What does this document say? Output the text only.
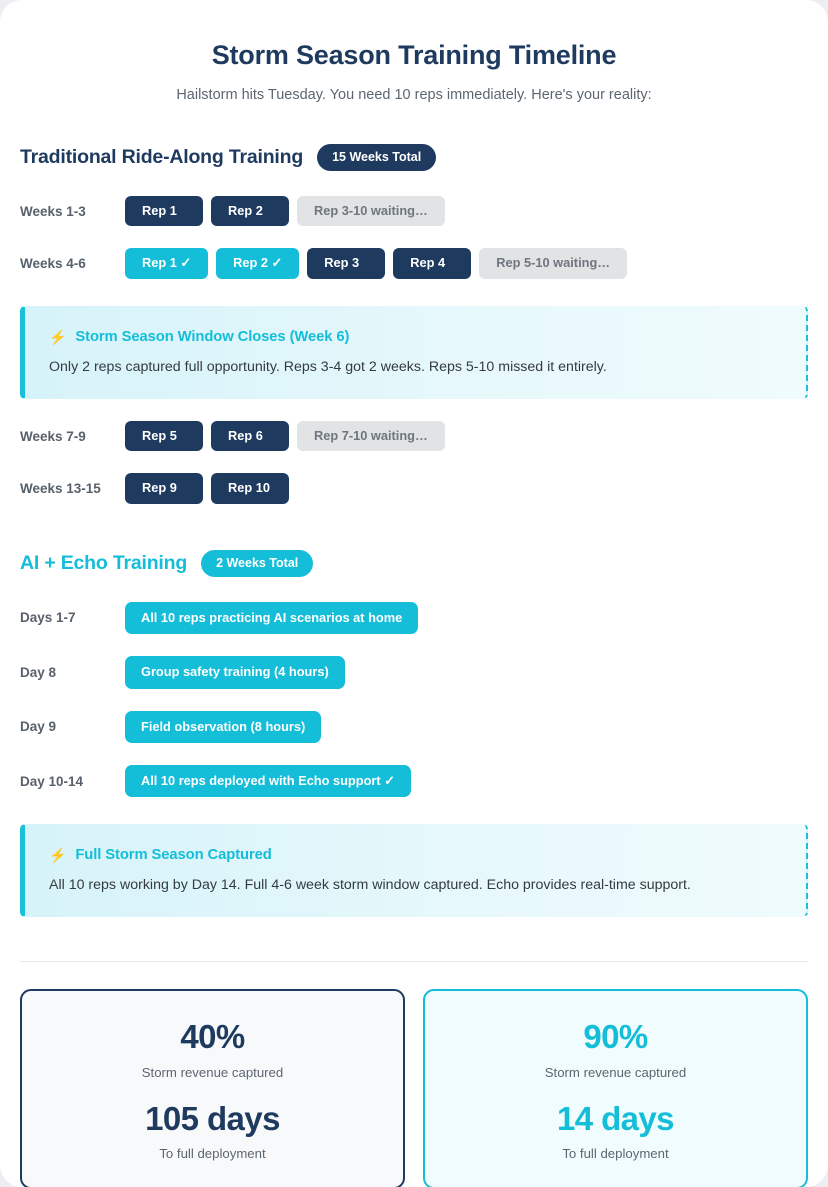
Storm Season Training Timeline
Hailstorm hits Tuesday. You need 10 reps immediately. Here's your reality:
Traditional Ride-Along Training	15 Weeks Total
Weeks 1-3	Rep 1	Rep 2	Rep 3-10 waiting…
Weeks 4-6	Rep 1 ✓	Rep 2 ✓	Rep 3	Rep 4	Rep 5-10 waiting…
⚡ Storm Season Window Closes (Week 6)
Only 2 reps captured full opportunity. Reps 3-4 got 2 weeks. Reps 5-10 missed it entirely.
Weeks 7-9	Rep 5	Rep 6	Rep 7-10 waiting…
Weeks 13-15	Rep 9	Rep 10
AI + Echo Training	2 Weeks Total
Days 1-7	All 10 reps practicing AI scenarios at home
Day 8	Group safety training (4 hours)
Day 9	Field observation (8 hours)
Day 10-14	All 10 reps deployed with Echo support ✓
⚡ Full Storm Season Captured
All 10 reps working by Day 14. Full 4-6 week storm window captured. Echo provides real-time support.
40%
Storm revenue captured
105 days
To full deployment
90%
Storm revenue captured
14 days
To full deployment
